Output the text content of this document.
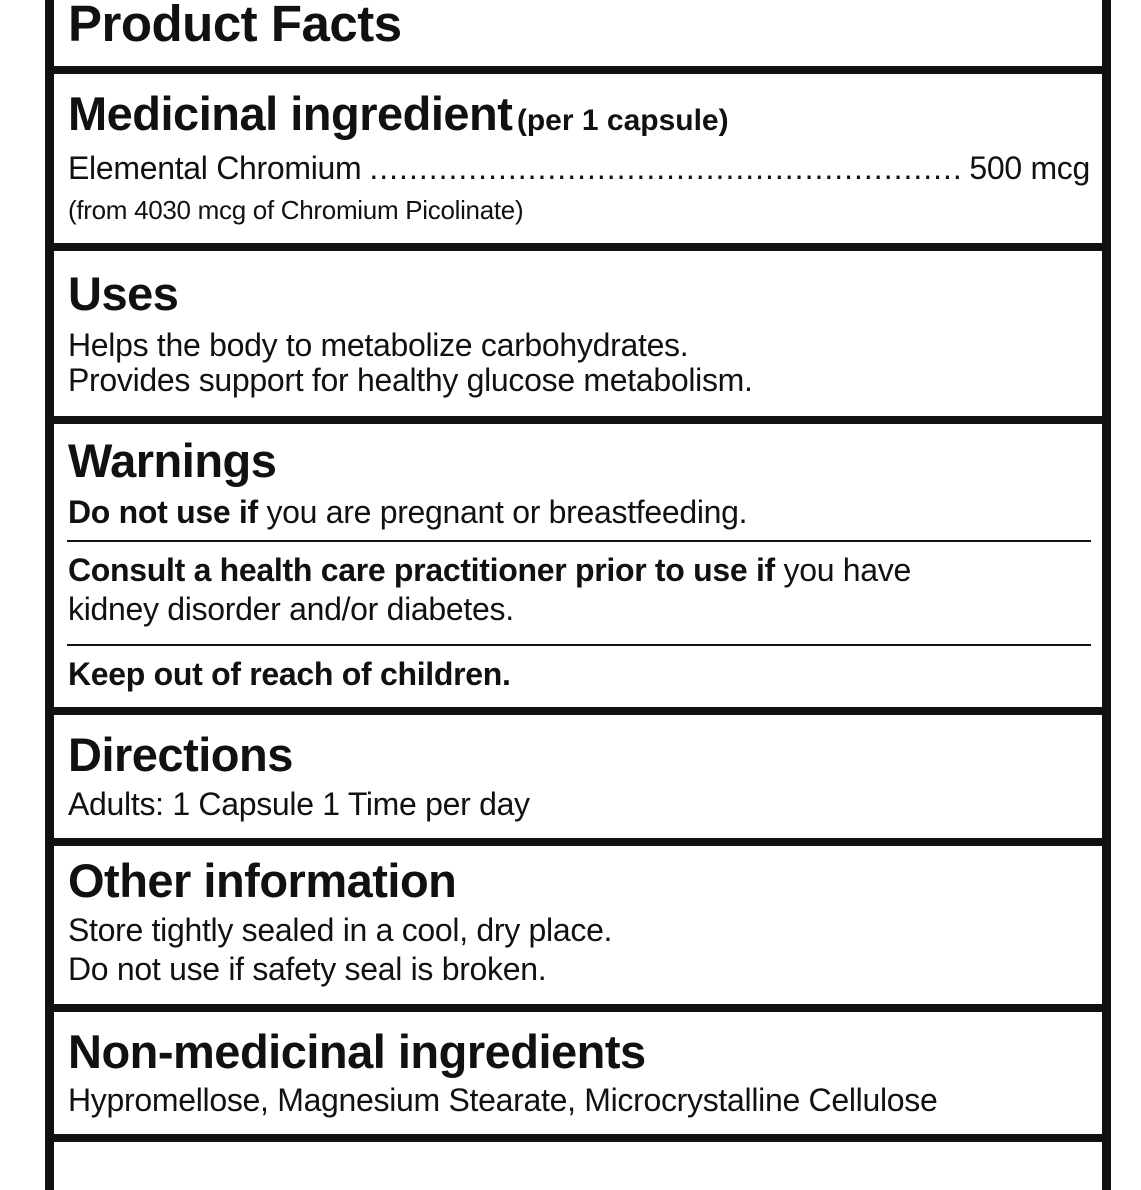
Product Facts
Medicinal ingredient (per 1 capsule)
Elemental Chromium
.....	500 mcg
(from 4030 mcg of Chromium Picolinate)
Uses
Helps the body to metabolize carbohydrates.
Provides support for healthy glucose metabolism.
Warnings
Do not use if you are pregnant or breastfeeding.
Consult a health care practitioner prior to use if you have
kidney disorder and/or diabetes.
Keep out of reach of children.
Directions
Adults: 1 Capsule 1 Time per day
Other information
Store tightly sealed in a cool, dry place.
Do not use if safety seal is broken.
Non-medicinal ingredients
Hypromellose, Magnesium Stearate, Microcrystalline Cellulose
